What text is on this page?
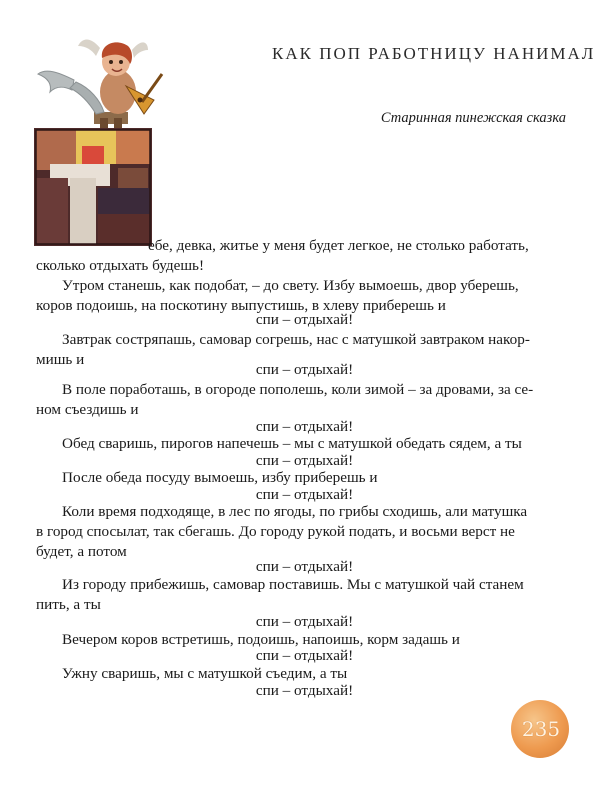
КАК ПОП РАБОТНИЦУ НАНИМАЛ
Старинная пинежская сказка
ебе, девка, житье у меня будет легкое, не столько работать,
сколько отдыхать будешь!
Утром станешь, как подобат, – до свету. Избу вымоешь, двор уберешь,
коров подоишь, на поскотину выпустишь, в хлеву приберешь и
спи – отдыхай!
Завтрак состряпашь, самовар согрешь, нас с матушкой завтраком накор-
мишь и
спи – отдыхай!
В поле поработашь, в огороде пополешь, коли зимой – за дровами, за се-
ном съездишь и
спи – отдыхай!
Обед сваришь, пирогов напечешь – мы с матушкой обедать сядем, а ты
спи – отдыхай!
После обеда посуду вымоешь, избу приберешь и
спи – отдыхай!
Коли время подходяще, в лес по ягоды, по грибы сходишь, али матушка
в город спосылат, так сбегашь. До городу рукой подать, и восьми верст не
будет, а потом
спи – отдыхай!
Из городу прибежишь, самовар поставишь. Мы с матушкой чай станем
пить, а ты
спи – отдыхай!
Вечером коров встретишь, подоишь, напоишь, корм задашь и
спи – отдыхай!
Ужну сваришь, мы с матушкой съедим, а ты
спи – отдыхай!
235
